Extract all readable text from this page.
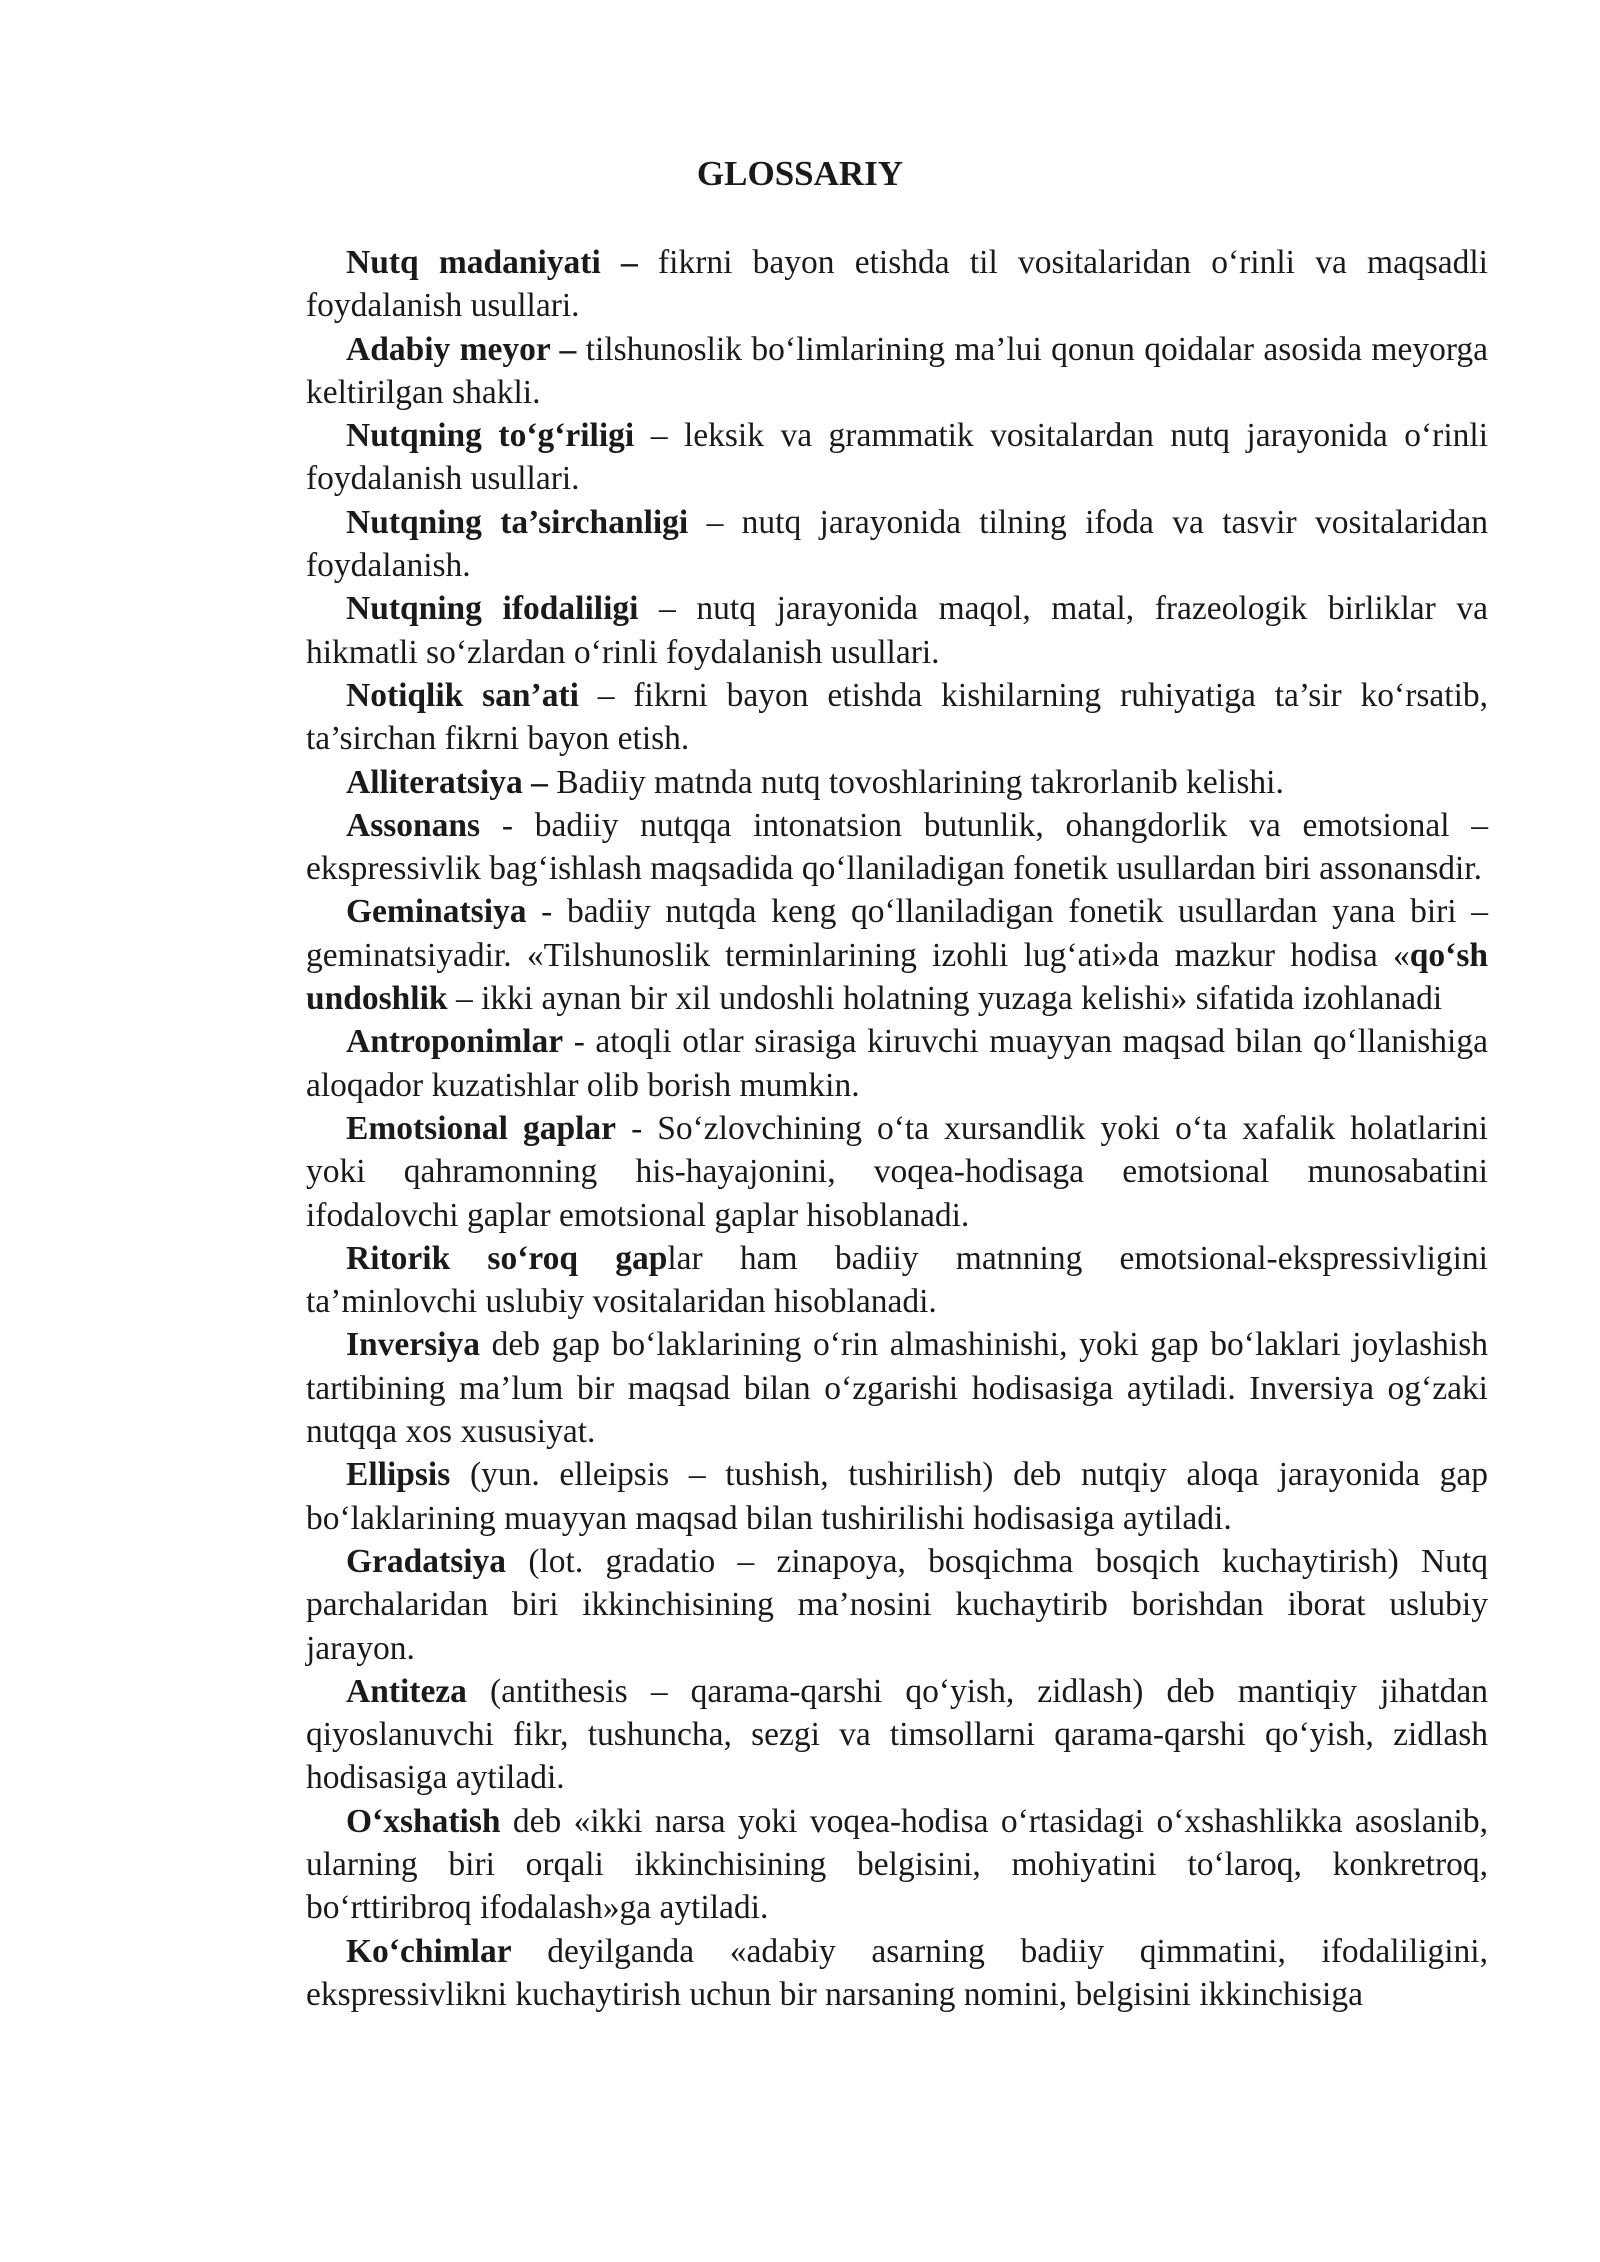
GLOSSARIY

Nutq madaniyati – fikrni bayon etishda til vositalaridan o‘rinli va maqsadli foydalanish usullari.

Adabiy meyor – tilshunoslik bo‘limlarining ma’lui qonun qoidalar asosida meyorga keltirilgan shakli.

Nutqning to‘g‘riligi – leksik va grammatik vositalardan nutq jarayonida o‘rinli foydalanish usullari.

Nutqning ta’sirchanligi – nutq jarayonida tilning ifoda va tasvir vositalaridan foydalanish.

Nutqning ifodaliligi – nutq jarayonida maqol, matal, frazeologik birliklar va hikmatli so‘zlardan o‘rinli foydalanish usullari.

Notiqlik san’ati – fikrni bayon etishda kishilarning ruhiyatiga ta’sir ko‘rsatib, ta’sirchan fikrni bayon etish.

Alliteratsiya – Badiiy matnda nutq tovoshlarining takrorlanib kelishi.

Assonans - badiiy nutqqa intonatsion butunlik, ohangdorlik va emotsional – ekspressivlik bag‘ishlash maqsadida qo‘llaniladigan fonetik usullardan biri assonansdir.

Geminatsiya - badiiy nutqda keng qo‘llaniladigan fonetik usullardan yana biri – geminatsiyadir. «Tilshunoslik terminlarining izohli lug‘ati»da mazkur hodisa «qo‘sh undoshlik – ikki aynan bir xil undoshli holatning yuzaga kelishi» sifatida izohlanadi

Antroponimlar - atoqli otlar sirasiga kiruvchi muayyan maqsad bilan qo‘llanishiga aloqador kuzatishlar olib borish mumkin.

Emotsional gaplar - So‘zlovchining o‘ta xursandlik yoki o‘ta xafalik holatlarini yoki qahramonning his-hayajonini, voqea-hodisaga emotsional munosabatini ifodalovchi gaplar emotsional gaplar hisoblanadi.

Ritorik so‘roq gaplar ham badiiy matnning emotsional-ekspressivligini ta’minlovchi uslubiy vositalaridan hisoblanadi.

Inversiya deb gap bo‘laklarining o‘rin almashinishi, yoki gap bo‘laklari joylashish tartibining ma’lum bir maqsad bilan o‘zgarishi hodisasiga aytiladi. Inversiya og‘zaki nutqqa xos xususiyat.

Ellipsis (yun. elleipsis – tushish, tushirilish) deb nutqiy aloqa jarayonida gap bo‘laklarining muayyan maqsad bilan tushirilishi hodisasiga aytiladi.

Gradatsiya (lot. gradatio – zinapoya, bosqichma bosqich kuchaytirish) Nutq parchalaridan biri ikkinchisining ma’nosini kuchaytirib borishdan iborat uslubiy jarayon.

Antiteza (antithesis – qarama-qarshi qo‘yish, zidlash) deb mantiqiy jihatdan qiyoslanuvchi fikr, tushuncha, sezgi va timsollarni qarama-qarshi qo‘yish, zidlash hodisasiga aytiladi.

O‘xshatish deb «ikki narsa yoki voqea-hodisa o‘rtasidagi o‘xshashlikka asoslanib, ularning biri orqali ikkinchisining belgisini, mohiyatini to‘laroq, konkretroq, bo‘rttiribroq ifodalash»ga aytiladi.

Ko‘chimlar deyilganda «adabiy asarning badiiy qimmatini, ifodaliligini, ekspressivlikni kuchaytirish uchun bir narsaning nomini, belgisini ikkinchisiga
